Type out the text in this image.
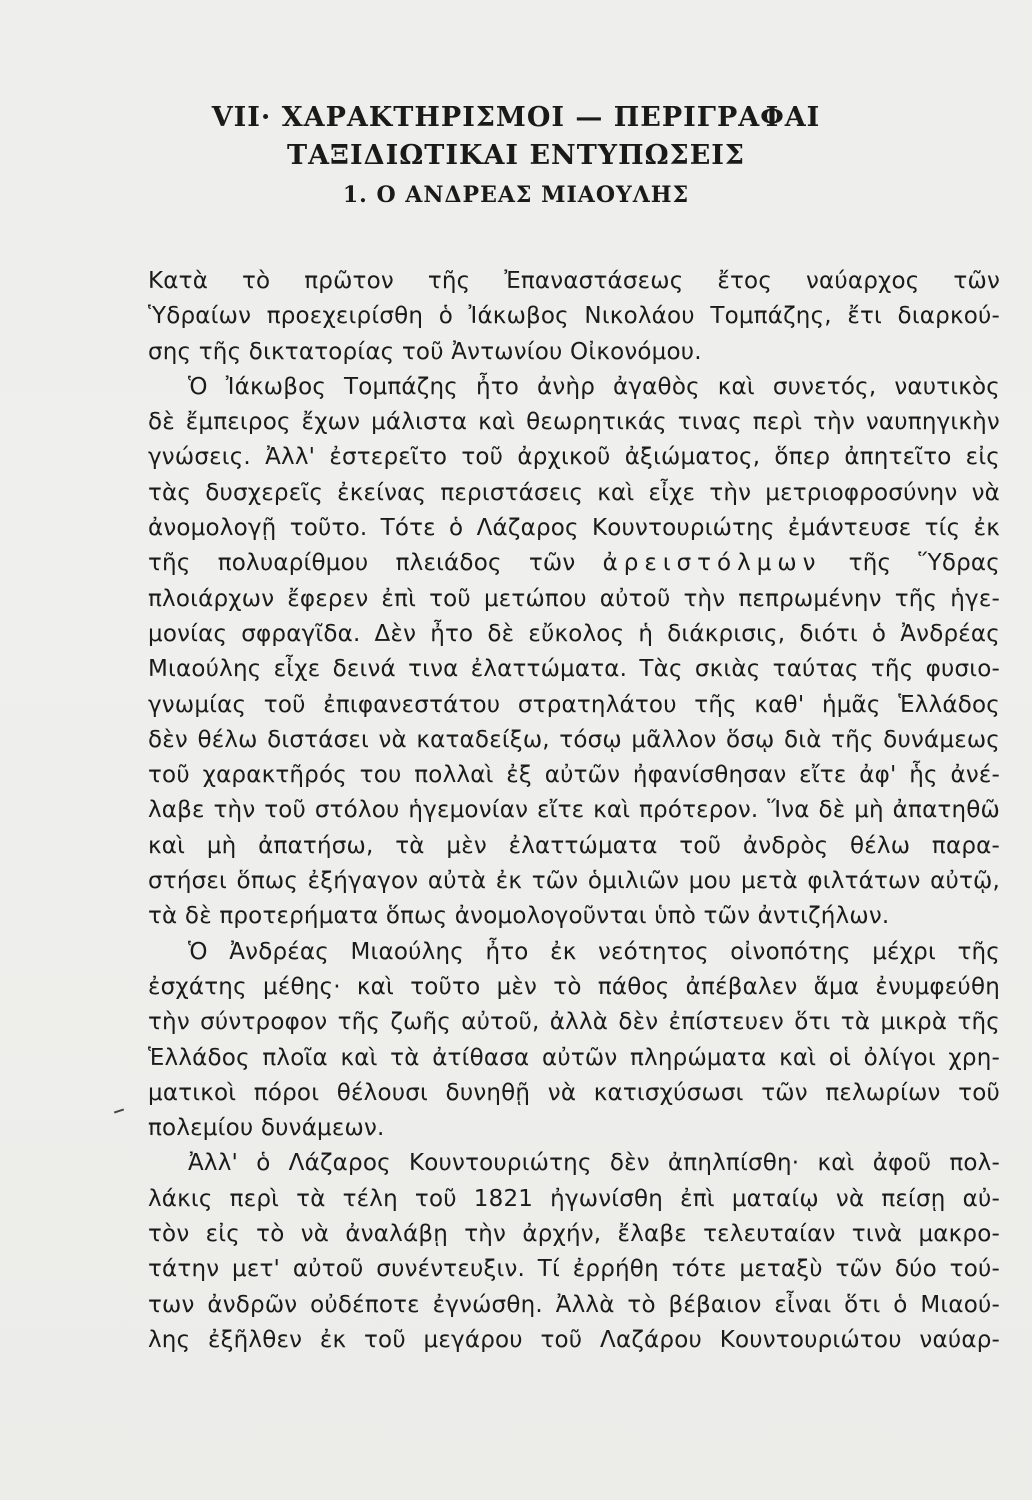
VII· ΧΑΡΑΚΤΗΡΙΣΜΟΙ — ΠΕΡΙΓΡΑΦΑΙ
ΤΑΞΙΔΙΩΤΙΚΑΙ ΕΝΤΥΠΩΣΕΙΣ
1. Ο ΑΝΔΡΕΑΣ ΜΙΑΟΥΛΗΣ
Κατὰ τὸ πρῶτον τῆς Ἐπαναστάσεως ἔτος ναύαρχος τῶν
Ὑδραίων προεχειρίσθη ὁ Ἰάκωβος Νικολάου Τομπάζης, ἔτι διαρκού-
σης τῆς δικτατορίας τοῦ Ἀντωνίου Οἰκονόμου.
Ὁ Ἰάκωβος Τομπάζης ἦτο ἀνὴρ ἀγαθὸς καὶ συνετός, ναυτικὸς
δὲ ἔμπειρος ἔχων μάλιστα καὶ θεωρητικάς τινας περὶ τὴν ναυπηγικὴν
γνώσεις. Ἀλλ' ἐστερεῖτο τοῦ ἀρχικοῦ ἀξιώματος, ὅπερ ἀπητεῖτο εἰς
τὰς δυσχερεῖς ἐκείνας περιστάσεις καὶ εἶχε τὴν μετριοφροσύνην νὰ
ἀνομολογῇ τοῦτο. Τότε ὁ Λάζαρος Κουντουριώτης ἐμάντευσε τίς ἐκ
τῆς πολυαρίθμου πλειάδος τῶν ἀρειστόλμων τῆς Ὕδρας
πλοιάρχων ἔφερεν ἐπὶ τοῦ μετώπου αὐτοῦ τὴν πεπρωμένην τῆς ἡγε-
μονίας σφραγῖδα. Δὲν ἦτο δὲ εὔκολος ἡ διάκρισις, διότι ὁ Ἀνδρέας
Μιαούλης εἶχε δεινά τινα ἐλαττώματα. Τὰς σκιὰς ταύτας τῆς φυσιο-
γνωμίας τοῦ ἐπιφανεστάτου στρατηλάτου τῆς καθ' ἡμᾶς Ἑλλάδος
δὲν θέλω διστάσει νὰ καταδείξω, τόσῳ μᾶλλον ὅσῳ διὰ τῆς δυνάμεως
τοῦ χαρακτῆρός του πολλαὶ ἐξ αὐτῶν ἠφανίσθησαν εἴτε ἀφ' ἧς ἀνέ-
λαβε τὴν τοῦ στόλου ἡγεμονίαν εἴτε καὶ πρότερον. Ἵνα δὲ μὴ ἀπατηθῶ
καὶ μὴ ἀπατήσω, τὰ μὲν ἐλαττώματα τοῦ ἀνδρὸς θέλω παρα-
στήσει ὅπως ἐξήγαγον αὐτὰ ἐκ τῶν ὁμιλιῶν μου μετὰ φιλτάτων αὐτῷ,
τὰ δὲ προτερήματα ὅπως ἀνομολογοῦνται ὑπὸ τῶν ἀντιζήλων.
Ὁ Ἀνδρέας Μιαούλης ἦτο ἐκ νεότητος οἰνοπότης μέχρι τῆς
ἐσχάτης μέθης· καὶ τοῦτο μὲν τὸ πάθος ἀπέβαλεν ἅμα ἐνυμφεύθη
τὴν σύντροφον τῆς ζωῆς αὐτοῦ, ἀλλὰ δὲν ἐπίστευεν ὅτι τὰ μικρὰ τῆς
Ἑλλάδος πλοῖα καὶ τὰ ἀτίθασα αὐτῶν πληρώματα καὶ οἱ ὀλίγοι χρη-
ματικοὶ πόροι θέλουσι δυνηθῇ νὰ κατισχύσωσι τῶν πελωρίων τοῦ
πολεμίου δυνάμεων.
Ἀλλ' ὁ Λάζαρος Κουντουριώτης δὲν ἀπηλπίσθη· καὶ ἀφοῦ πολ-
λάκις περὶ τὰ τέλη τοῦ 1821 ἠγωνίσθη ἐπὶ ματαίῳ νὰ πείσῃ αὐ-
τὸν εἰς τὸ νὰ ἀναλάβῃ τὴν ἀρχήν, ἔλαβε τελευταίαν τινὰ μακρο-
τάτην μετ' αὐτοῦ συνέντευξιν. Τί ἐρρήθη τότε μεταξὺ τῶν δύο τού-
των ἀνδρῶν οὐδέποτε ἐγνώσθη. Ἀλλὰ τὸ βέβαιον εἶναι ὅτι ὁ Μιαού-
λης ἐξῆλθεν ἐκ τοῦ μεγάρου τοῦ Λαζάρου Κουντουριώτου ναύαρ-
